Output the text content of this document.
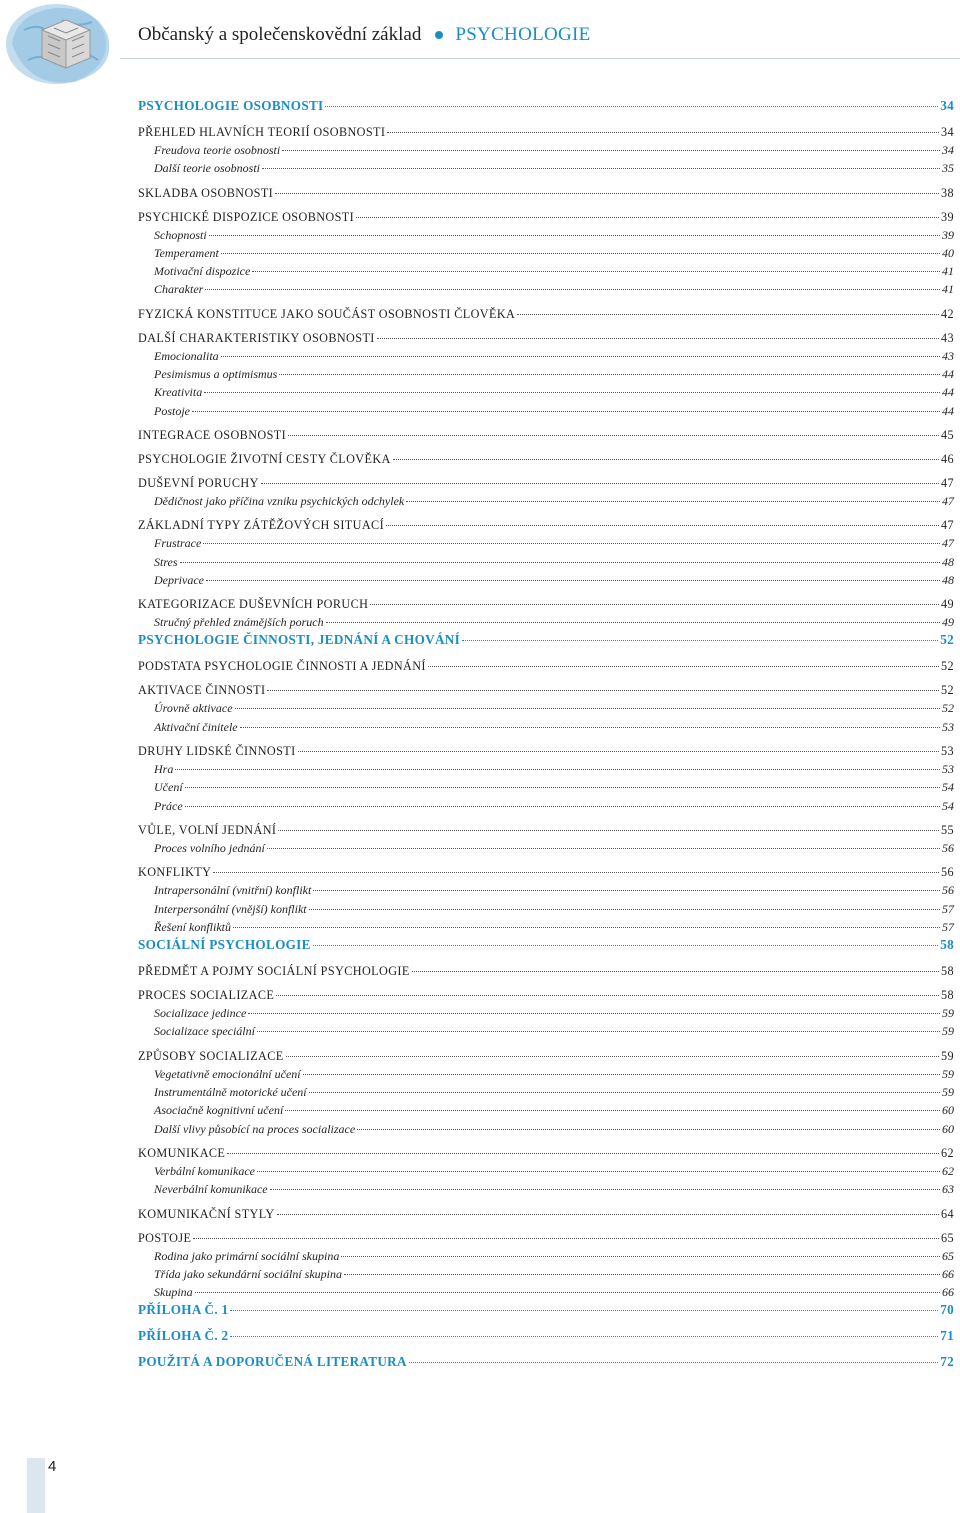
Občanský a společenskovědní základ PSYCHOLOGIE
PSYCHOLOGIE OSOBNOSTI	34
PŘEHLED HLAVNÍCH TEORIÍ OSOBNOSTI	34
Freudova teorie osobnosti	34
Další teorie osobnosti	35
SKLADBA OSOBNOSTI	38
PSYCHICKÉ DISPOZICE OSOBNOSTI	39
Schopnosti	39
Temperament	40
Motivační dispozice	41
Charakter	41
FYZICKÁ KONSTITUCE JAKO SOUČÁST OSOBNOSTI ČLOVĚKA	42
DALŠÍ CHARAKTERISTIKY OSOBNOSTI	43
Emocionalita	43
Pesimismus a optimismus	44
Kreativita	44
Postoje	44
INTEGRACE OSOBNOSTI	45
PSYCHOLOGIE ŽIVOTNÍ CESTY ČLOVĚKA	46
DUŠEVNÍ PORUCHY	47
Dědičnost jako příčina vzniku psychických odchylek	47
ZÁKLADNÍ TYPY ZÁTĚŽOVÝCH SITUACÍ	47
Frustrace	47
Stres	48
Deprivace	48
KATEGORIZACE DUŠEVNÍCH PORUCH	49
Stručný přehled známějších poruch	49
PSYCHOLOGIE ČINNOSTI, JEDNÁNÍ A CHOVÁNÍ	52
PODSTATA PSYCHOLOGIE ČINNOSTI A JEDNÁNÍ	52
AKTIVACE ČINNOSTI	52
Úrovně aktivace	52
Aktivační činitele	53
DRUHY LIDSKÉ ČINNOSTI	53
Hra	53
Učení	54
Práce	54
VŮLE, VOLNÍ JEDNÁNÍ	55
Proces volního jednání	56
KONFLIKTY	56
Intrapersonální (vnitřní) konflikt	56
Interpersonální (vnější) konflikt	57
Řešení konfliktů	57
SOCIÁLNÍ PSYCHOLOGIE	58
PŘEDMĚT A POJMY SOCIÁLNÍ PSYCHOLOGIE	58
PROCES SOCIALIZACE	58
Socializace jedince	59
Socializace speciální	59
ZPŮSOBY SOCIALIZACE	59
Vegetativně emocionální učení	59
Instrumentálně motorické učení	59
Asociačně kognitivní učení	60
Další vlivy působící na proces socializace	60
KOMUNIKACE	62
Verbální komunikace	62
Neverbální komunikace	63
KOMUNIKAČNÍ STYLY	64
POSTOJE	65
Rodina jako primární sociální skupina	65
Třída jako sekundární sociální skupina	66
Skupina	66
PŘÍLOHA Č. 1	70
PŘÍLOHA Č. 2	71
POUŽITÁ A DOPORUČENÁ LITERATURA	72
4
